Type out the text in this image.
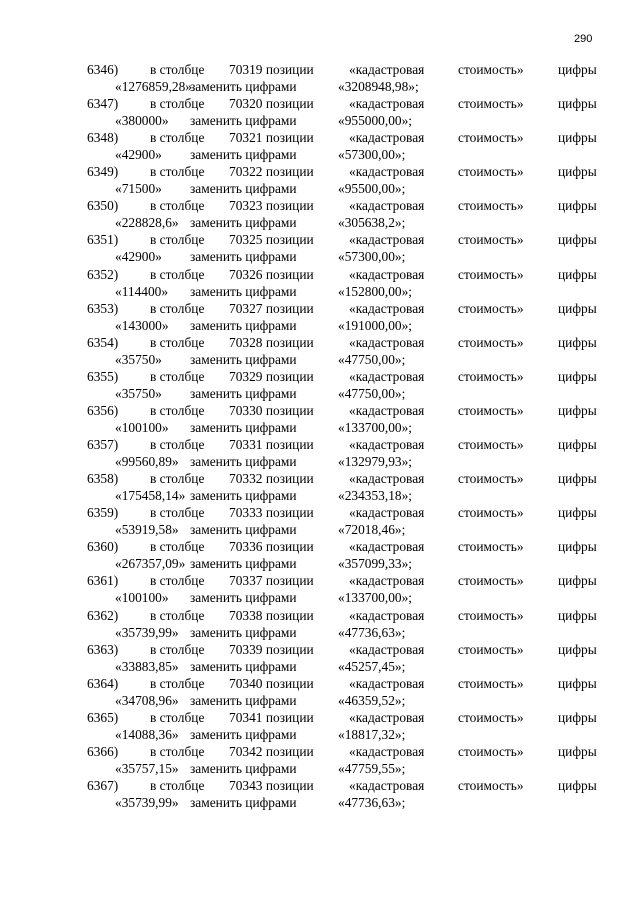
290
6346) в столбце 70319 позиции	«кадастровая	стоимость»	цифры
«1276859,28»
заменить цифрами	«3208948,98»;
6347) в столбце 70320 позиции	«кадастровая	стоимость»	цифры
«380000» заменить цифрами	«955000,00»;
6348) в столбце 70321 позиции	«кадастровая	стоимость»	цифры
«42900» заменить цифрами	«57300,00»;
6349) в столбце 70322 позиции	«кадастровая	стоимость»	цифры
«71500» заменить цифрами	«95500,00»;
6350) в столбце 70323 позиции	«кадастровая	стоимость»	цифры
«228828,6» заменить цифрами	«305638,2»;
6351) в столбце 70325 позиции	«кадастровая	стоимость»	цифры
«42900» заменить цифрами	«57300,00»;
6352) в столбце 70326 позиции	«кадастровая	стоимость»	цифры
«114400» заменить цифрами	«152800,00»;
6353) в столбце 70327 позиции	«кадастровая	стоимость»	цифры
«143000» заменить цифрами	«191000,00»;
6354) в столбце 70328 позиции	«кадастровая	стоимость»	цифры
«35750» заменить цифрами	«47750,00»;
6355) в столбце 70329 позиции	«кадастровая	стоимость»	цифры
«35750» заменить цифрами	«47750,00»;
6356) в столбце 70330 позиции	«кадастровая	стоимость»	цифры
«100100» заменить цифрами	«133700,00»;
6357) в столбце 70331 позиции	«кадастровая	стоимость»	цифры
«99560,89» заменить цифрами	«132979,93»;
6358) в столбце 70332 позиции	«кадастровая	стоимость»	цифры
«175458,14» заменить цифрами	«234353,18»;
6359) в столбце 70333 позиции	«кадастровая	стоимость»	цифры
«53919,58» заменить цифрами	«72018,46»;
6360) в столбце 70336 позиции	«кадастровая	стоимость»	цифры
«267357,09» заменить цифрами	«357099,33»;
6361) в столбце 70337 позиции	«кадастровая	стоимость»	цифры
«100100» заменить цифрами	«133700,00»;
6362) в столбце 70338 позиции	«кадастровая	стоимость»	цифры
«35739,99» заменить цифрами	«47736,63»;
6363) в столбце 70339 позиции	«кадастровая	стоимость»	цифры
«33883,85» заменить цифрами	«45257,45»;
6364) в столбце 70340 позиции	«кадастровая	стоимость»	цифры
«34708,96» заменить цифрами	«46359,52»;
6365) в столбце 70341 позиции	«кадастровая	стоимость»	цифры
«14088,36» заменить цифрами	«18817,32»;
6366) в столбце 70342 позиции	«кадастровая	стоимость»	цифры
«35757,15» заменить цифрами	«47759,55»;
6367) в столбце 70343 позиции	«кадастровая	стоимость»	цифры
«35739,99» заменить цифрами	«47736,63»;
